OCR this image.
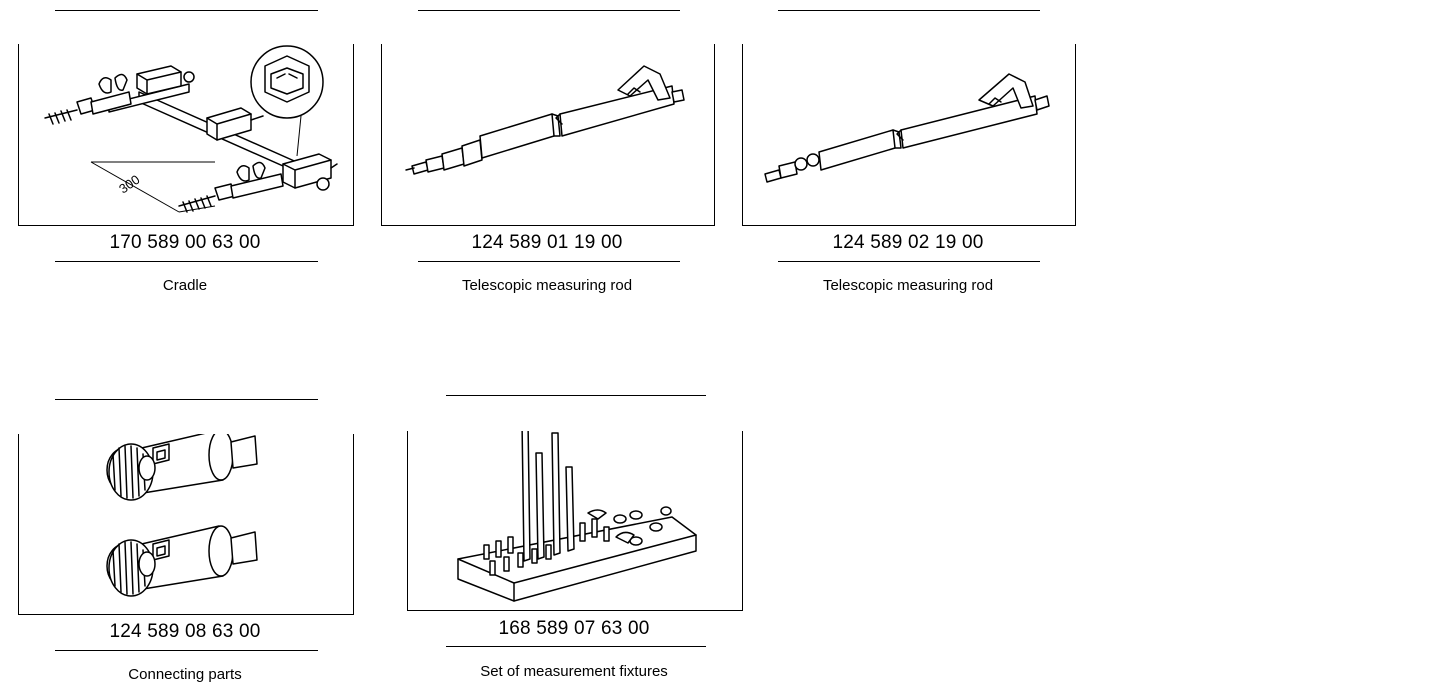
300
170 589 00 63 00
Cradle
124 589 01 19 00
Telescopic measuring rod
124 589 02 19 00
Telescopic measuring rod
124 589 08 63 00
Connecting parts
168 589 07 63 00
Set of measurement fixtures
